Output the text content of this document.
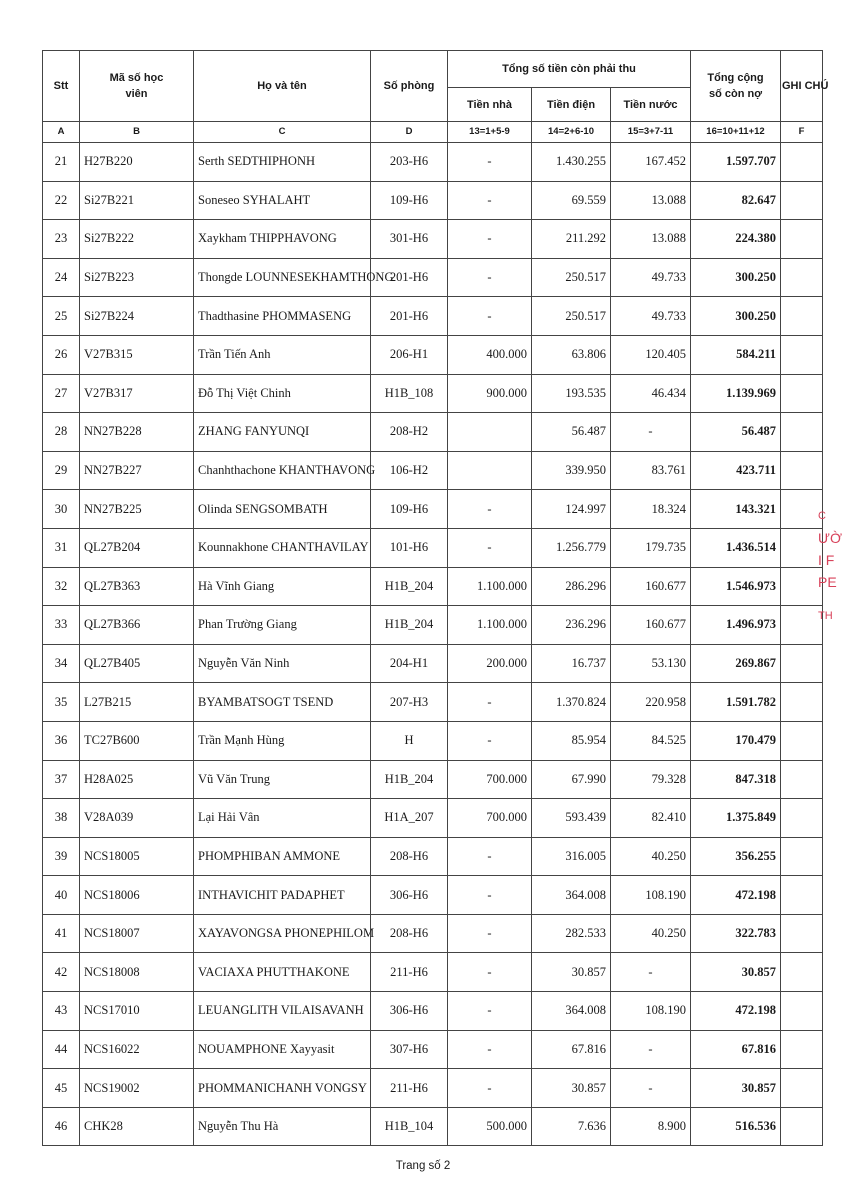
Stt	Mã số học viên	Họ và tên	Số phòng	Tổng số tiền còn phải thu			Tổng cộng số còn nợ	GHI CHÚ
				Tiền nhà	Tiền điện	Tiền nước		
A	B	C	D	13=1+5-9	14=2+6-10	15=3+7-11	16=10+11+12	F
21	H27B220	Serth SEDTHIPHONH	203-H6	-	1.430.255	167.452	1.597.707	
22	Si27B221	Soneseo SYHALAHT	109-H6	-	69.559	13.088	82.647	
23	Si27B222	Xaykham THIPPHAVONG	301-H6	-	211.292	13.088	224.380	
24	Si27B223	Thongde LOUNNESEKHAMTHONG	201-H6	-	250.517	49.733	300.250	
25	Si27B224	Thadthasine PHOMMASENG	201-H6	-	250.517	49.733	300.250	
26	V27B315	Trần Tiến Anh	206-H1	400.000	63.806	120.405	584.211	
27	V27B317	Đỗ Thị Việt Chinh	H1B_108	900.000	193.535	46.434	1.139.969	
28	NN27B228	ZHANG FANYUNQI	208-H2		56.487	-	56.487	
29	NN27B227	Chanhthachone KHANTHAVONG	106-H2		339.950	83.761	423.711	
30	NN27B225	Olinda SENGSOMBATH	109-H6	-	124.997	18.324	143.321	
31	QL27B204	Kounnakhone CHANTHAVILAY	101-H6	-	1.256.779	179.735	1.436.514	
32	QL27B363	Hà Vĩnh Giang	H1B_204	1.100.000	286.296	160.677	1.546.973	
33	QL27B366	Phan Trường Giang	H1B_204	1.100.000	236.296	160.677	1.496.973	
34	QL27B405	Nguyễn Văn Ninh	204-H1	200.000	16.737	53.130	269.867	
35	L27B215	BYAMBATSOGT TSEND	207-H3	-	1.370.824	220.958	1.591.782	
36	TC27B600	Trần Mạnh Hùng	H	-	85.954	84.525	170.479	
37	H28A025	Vũ Văn Trung	H1B_204	700.000	67.990	79.328	847.318	
38	V28A039	Lại Hải Vân	H1A_207	700.000	593.439	82.410	1.375.849	
39	NCS18005	PHOMPHIBAN AMMONE	208-H6	-	316.005	40.250	356.255	
40	NCS18006	INTHAVICHIT PADAPHET	306-H6	-	364.008	108.190	472.198	
41	NCS18007	XAYAVONGSA PHONEPHILOM	208-H6	-	282.533	40.250	322.783	
42	NCS18008	VACIAXA PHUTTHAKONE	211-H6	-	30.857	-	30.857	
43	NCS17010	LEUANGLITH VILAISAVANH	306-H6	-	364.008	108.190	472.198	
44	NCS16022	NOUAMPHONE Xayyasit	307-H6	-	67.816	-	67.816	
45	NCS19002	PHOMMANICHANH VONGSY	211-H6	-	30.857	-	30.857	
46	CHK28	Nguyễn Thu Hà	H1B_104	500.000	7.636	8.900	516.536	
C
ƯỜ
I F
PE
TH
Trang số 2
